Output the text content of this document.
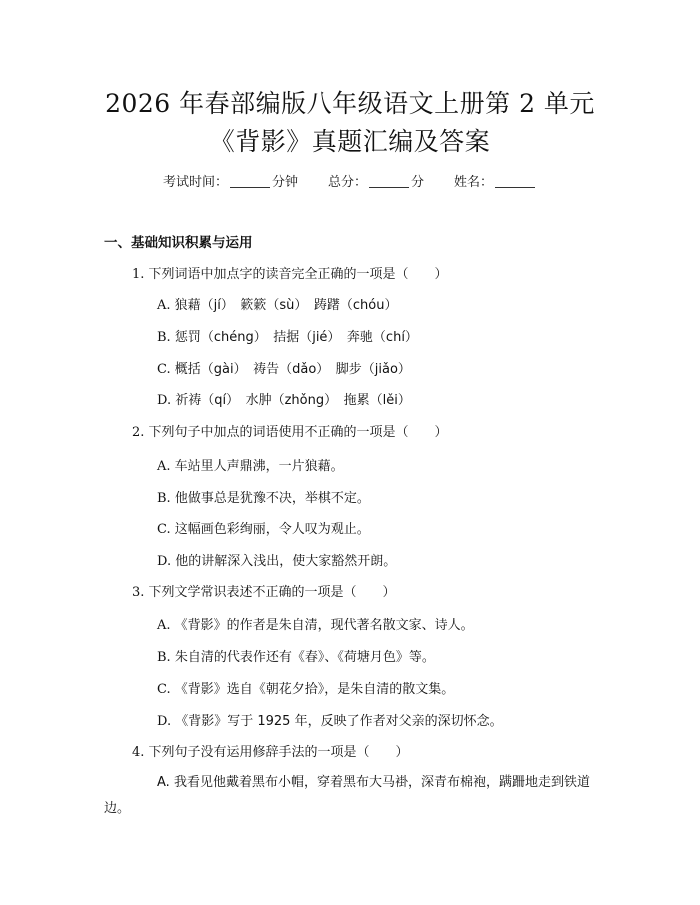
2026 年春部编版八年级语文上册第 2 单元
《背影》真题汇编及答案
考试时间：	分钟 总分：	分 姓名：
一、基础知识积累与运用
1. 下列词语中加点字的读音完全正确的一项是（　　）
A. 狼藉（jí）　簌簌（sù）　踌躇（chóu）
B. 惩罚（chéng）　拮据（jié）　奔驰（chí）
C. 概括（gài）　祷告（dǎo）　脚步（jiǎo）
D. 祈祷（qí）　水肿（zhǒng）　拖累（lěi）
2. 下列句子中加点的词语使用不正确的一项是（　　）
A. 车站里人声鼎沸，一片狼藉。
B. 他做事总是犹豫不决，举棋不定。
C. 这幅画色彩绚丽，令人叹为观止。
D. 他的讲解深入浅出，使大家豁然开朗。
3. 下列文学常识表述不正确的一项是（　　）
A. 《背影》的作者是朱自清，现代著名散文家、诗人。
B. 朱自清的代表作还有《春》、《荷塘月色》等。
C. 《背影》选自《朝花夕拾》，是朱自清的散文集。
D. 《背影》写于 1925 年，反映了作者对父亲的深切怀念。
4. 下列句子没有运用修辞手法的一项是（　　）
A. 我看见他戴着黑布小帽，穿着黑布大马褂，深青布棉袍，蹒跚地走到铁道边。
